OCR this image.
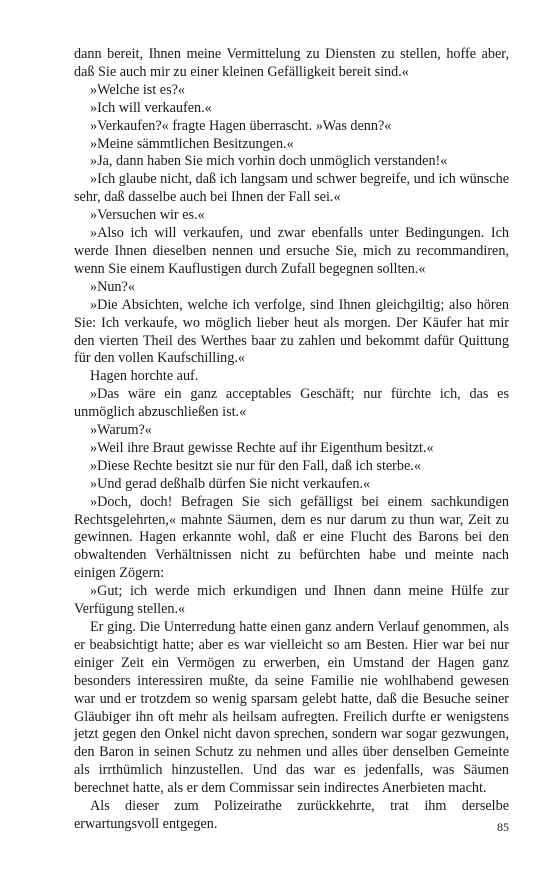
dann bereit, Ihnen meine Vermittelung zu Diensten zu stellen, hoffe aber, daß Sie auch mir zu einer kleinen Gefälligkeit bereit sind.«

»Welche ist es?«

»Ich will verkaufen.«

»Verkaufen?« fragte Hagen überrascht. »Was denn?«

»Meine sämmtlichen Besitzungen.«

»Ja, dann haben Sie mich vorhin doch unmöglich verstanden!«

»Ich glaube nicht, daß ich langsam und schwer begreife, und ich wünsche sehr, daß dasselbe auch bei Ihnen der Fall sei.«

»Versuchen wir es.«

»Also ich will verkaufen, und zwar ebenfalls unter Bedingungen. Ich werde Ihnen dieselben nennen und ersuche Sie, mich zu recommandiren, wenn Sie einem Kauflustigen durch Zufall begegnen sollten.«

»Nun?«

»Die Absichten, welche ich verfolge, sind Ihnen gleichgiltig; also hören Sie: Ich verkaufe, wo möglich lieber heut als morgen. Der Käufer hat mir den vierten Theil des Werthes baar zu zahlen und bekommt dafür Quittung für den vollen Kaufschilling.«

Hagen horchte auf.

»Das wäre ein ganz acceptables Geschäft; nur fürchte ich, das es unmöglich abzuschließen ist.«

»Warum?«

»Weil ihre Braut gewisse Rechte auf ihr Eigenthum besitzt.«

»Diese Rechte besitzt sie nur für den Fall, daß ich sterbe.«

»Und gerad deßhalb dürfen Sie nicht verkaufen.«

»Doch, doch! Befragen Sie sich gefälligst bei einem sachkundigen Rechtsgelehrten,« mahnte Säumen, dem es nur darum zu thun war, Zeit zu gewinnen. Hagen erkannte wohl, daß er eine Flucht des Barons bei den obwaltenden Verhältnissen nicht zu befürchten habe und meinte nach einigen Zögern:

»Gut; ich werde mich erkundigen und Ihnen dann meine Hülfe zur Verfügung stellen.«

Er ging. Die Unterredung hatte einen ganz andern Verlauf genommen, als er beabsichtigt hatte; aber es war vielleicht so am Besten. Hier war bei nur einiger Zeit ein Vermögen zu erwerben, ein Umstand der Hagen ganz besonders interessiren mußte, da seine Familie nie wohlhabend gewesen war und er trotzdem so wenig sparsam gelebt hatte, daß die Besuche seiner Gläubiger ihn oft mehr als heilsam aufregten. Freilich durfte er wenigstens jetzt gegen den Onkel nicht davon sprechen, sondern war sogar gezwungen, den Baron in seinen Schutz zu nehmen und alles über denselben Gemeinte als irrthümlich hinzustellen. Und das war es jedenfalls, was Säumen berechnet hatte, als er dem Commissar sein indirectes Anerbieten macht.

Als dieser zum Polizeirathe zurückkehrte, trat ihm derselbe erwartungsvoll entgegen.	85
